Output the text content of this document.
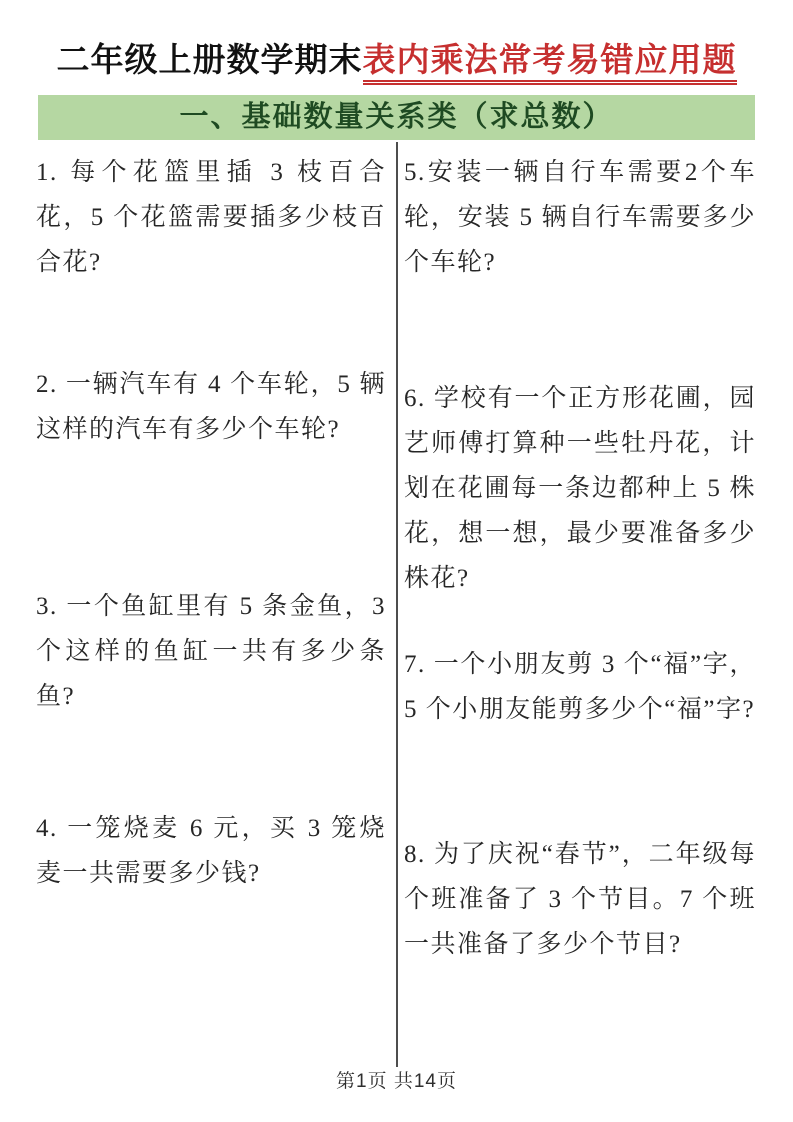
二年级上册数学期末表内乘法常考易错应用题
一、基础数量关系类（求总数）
1. 每个花篮里插 3 枝百合花，5 个花篮需要插多少枝百合花?
2. 一辆汽车有 4 个车轮，5 辆这样的汽车有多少个车轮?
3. 一个鱼缸里有 5 条金鱼，3 个这样的鱼缸一共有多少条鱼?
4. 一笼烧麦 6 元，买 3 笼烧麦一共需要多少钱?
5.安装一辆自行车需要2个车轮，安装 5 辆自行车需要多少个车轮?
6. 学校有一个正方形花圃，园艺师傅打算种一些牡丹花，计划在花圃每一条边都种上 5 株花，想一想，最少要准备多少株花?
7. 一个小朋友剪 3 个“福”字，5 个小朋友能剪多少个“福”字?
8. 为了庆祝“春节”，二年级每个班准备了 3 个节目。7 个班一共准备了多少个节目?
第1页 共14页
